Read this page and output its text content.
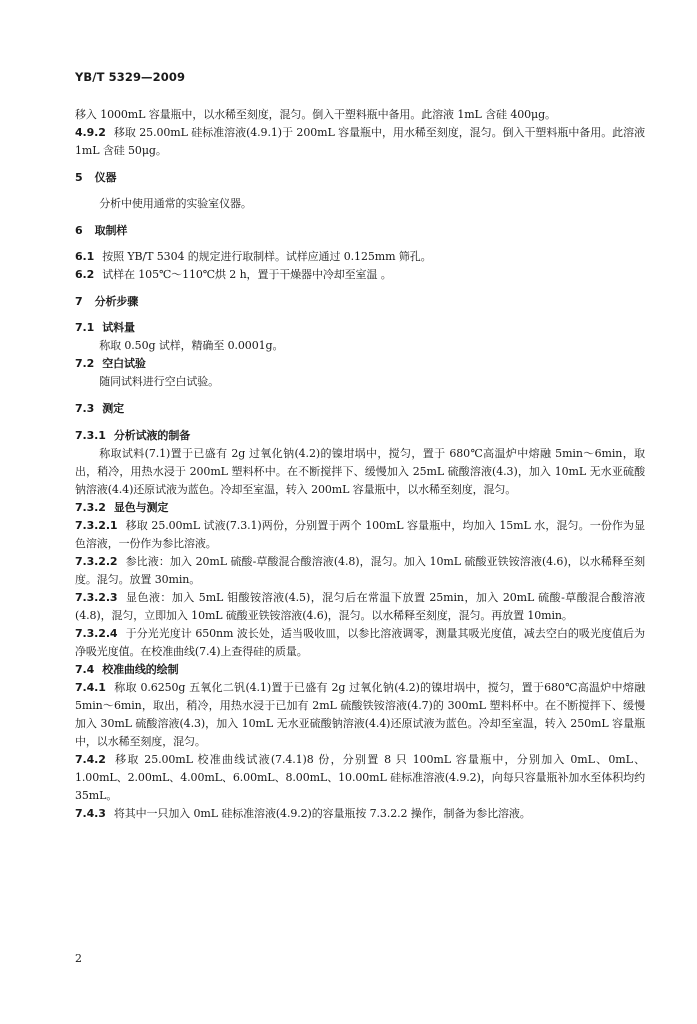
YB/T 5329—2009

移入 1000mL 容量瓶中，以水稀至刻度，混匀。倒入干塑料瓶中备用。此溶液 1mL 含硅 400μg。

4.9.2 移取 25.00mL 硅标准溶液(4.9.1)于 200mL 容量瓶中，用水稀至刻度，混匀。倒入干塑料瓶中备用。此溶液 1mL 含硅 50μg。

5 仪器

分析中使用通常的实验室仪器。

6 取制样

6.1 按照 YB/T 5304 的规定进行取制样。试样应通过 0.125mm 筛孔。

6.2 试样在 105℃～110℃烘 2 h，置于干燥器中冷却至室温 。

7 分析步骤

7.1 试料量

称取 0.50g 试样，精确至 0.0001g。

7.2 空白试验

随同试料进行空白试验。

7.3 测定

7.3.1 分析试液的制备

称取试料(7.1)置于已盛有 2g 过氧化钠(4.2)的镍坩埚中，搅匀，置于 680℃高温炉中熔融 5min～6min，取出，稍冷，用热水浸于 200mL 塑料杯中。在不断搅拌下、缓慢加入 25mL 硫酸溶液(4.3)，加入 10mL 无水亚硫酸钠溶液(4.4)还原试液为蓝色。冷却至室温，转入 200mL 容量瓶中，以水稀至刻度，混匀。

7.3.2 显色与测定

7.3.2.1 移取 25.00mL 试液(7.3.1)两份，分别置于两个 100mL 容量瓶中，均加入 15mL 水，混匀。一份作为显色溶液，一份作为参比溶液。

7.3.2.2 参比液：加入 20mL 硫酸-草酸混合酸溶液(4.8)，混匀。加入 10mL 硫酸亚铁铵溶液(4.6)，以水稀释至刻度。混匀。放置 30min。

7.3.2.3 显色液：加入 5mL 钼酸铵溶液(4.5)，混匀后在常温下放置 25min，加入 20mL 硫酸-草酸混合酸溶液(4.8)，混匀，立即加入 10mL 硫酸亚铁铵溶液(4.6)，混匀。以水稀释至刻度，混匀。再放置 10min。

7.3.2.4 于分光光度计 650nm 波长处，适当吸收皿，以参比溶液调零，测量其吸光度值，减去空白的吸光度值后为净吸光度值。在校准曲线(7.4)上查得硅的质量。

7.4 校准曲线的绘制

7.4.1 称取 0.6250g 五氧化二钒(4.1)置于已盛有 2g 过氧化钠(4.2)的镍坩埚中，搅匀，置于680℃高温炉中熔融 5min～6min，取出，稍冷，用热水浸于已加有 2mL 硫酸铁铵溶液(4.7)的 300mL 塑料杯中。在不断搅拌下、缓慢加入 30mL 硫酸溶液(4.3)，加入 10mL 无水亚硫酸钠溶液(4.4)还原试液为蓝色。冷却至室温，转入 250mL 容量瓶中，以水稀至刻度，混匀。

7.4.2 移取 25.00mL 校准曲线试液(7.4.1)8 份，分别置 8 只 100mL 容量瓶中，分别加入 0mL、0mL、1.00mL、2.00mL、4.00mL、6.00mL、8.00mL、10.00mL 硅标准溶液(4.9.2)，向每只容量瓶补加水至体积均约 35mL。

7.4.3 将其中一只加入 0mL 硅标准溶液(4.9.2)的容量瓶按 7.3.2.2 操作，制备为参比溶液。

2
